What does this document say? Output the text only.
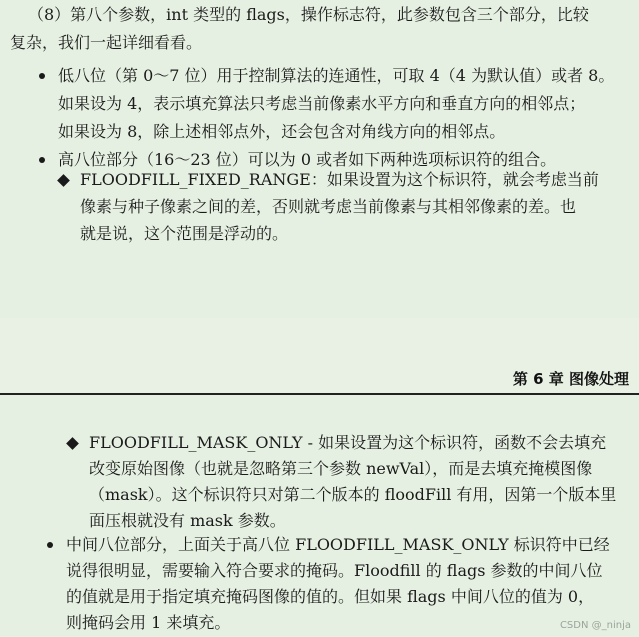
（8）第八个参数，int 类型的 flags，操作标志符，此参数包含三个部分，比较
复杂，我们一起详细看看。
低八位（第 0～7 位）用于控制算法的连通性，可取 4（4 为默认值）或者 8。
如果设为 4，表示填充算法只考虑当前像素水平方向和垂直方向的相邻点；
如果设为 8，除上述相邻点外，还会包含对角线方向的相邻点。
高八位部分（16～23 位）可以为 0 或者如下两种选项标识符的组合。
FLOODFILL_FIXED_RANGE：如果设置为这个标识符，就会考虑当前
像素与种子像素之间的差，否则就考虑当前像素与其相邻像素的差。也
就是说，这个范围是浮动的。
第 6 章 图像处理
FLOODFILL_MASK_ONLY - 如果设置为这个标识符，函数不会去填充
改变原始图像（也就是忽略第三个参数 newVal），而是去填充掩模图像
（mask）。这个标识符只对第二个版本的 floodFill 有用，因第一个版本里
面压根就没有 mask 参数。
中间八位部分，上面关于高八位 FLOODFILL_MASK_ONLY 标识符中已经
说得很明显，需要输入符合要求的掩码。Floodfill 的 flags 参数的中间八位
的值就是用于指定填充掩码图像的值的。但如果 flags 中间八位的值为 0，
则掩码会用 1 来填充。	CSDN @_ninja
